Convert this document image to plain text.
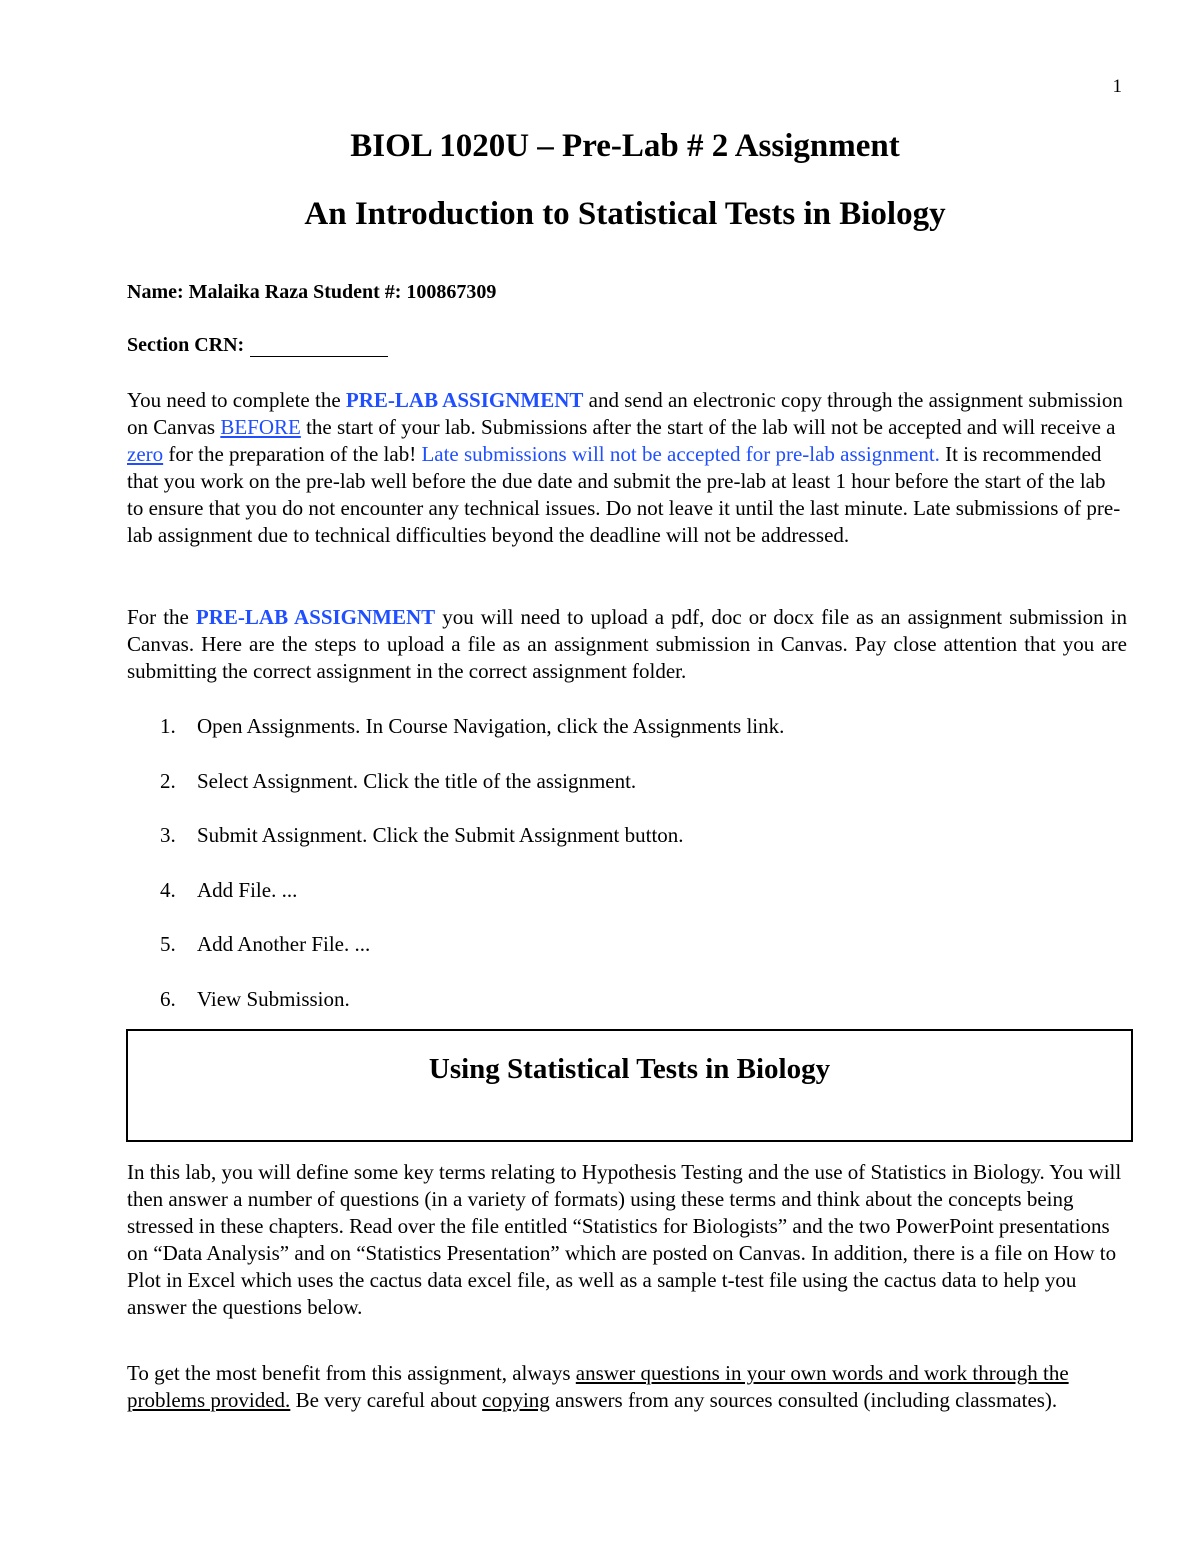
1
BIOL 1020U – Pre-Lab # 2 Assignment
An Introduction to Statistical Tests in Biology
Name: Malaika Raza Student #: 100867309
Section CRN:
You need to complete the PRE-LAB ASSIGNMENT and send an electronic copy through the assignment submission on Canvas BEFORE the start of your lab. Submissions after the start of the lab will not be accepted and will receive a zero for the preparation of the lab! Late submissions will not be accepted for pre-lab assignment. It is recommended that you work on the pre-lab well before the due date and submit the pre-lab at least 1 hour before the start of the lab to ensure that you do not encounter any technical issues. Do not leave it until the last minute. Late submissions of pre-lab assignment due to technical difficulties beyond the deadline will not be addressed.
For the PRE-LAB ASSIGNMENT you will need to upload a pdf, doc or docx file as an assignment submission in Canvas. Here are the steps to upload a file as an assignment submission in Canvas. Pay close attention that you are submitting the correct assignment in the correct assignment folder.
1.	Open Assignments. In Course Navigation, click the Assignments link.
2.	Select Assignment. Click the title of the assignment.
3.	Submit Assignment. Click the Submit Assignment button.
4.	Add File. ...
5.	Add Another File. ...
6.	View Submission.
Using Statistical Tests in Biology
In this lab, you will define some key terms relating to Hypothesis Testing and the use of Statistics in Biology. You will then answer a number of questions (in a variety of formats) using these terms and think about the concepts being stressed in these chapters. Read over the file entitled “Statistics for Biologists” and the two PowerPoint presentations on “Data Analysis” and on “Statistics Presentation” which are posted on Canvas. In addition, there is a file on How to Plot in Excel which uses the cactus data excel file, as well as a sample t-test file using the cactus data to help you answer the questions below.
To get the most benefit from this assignment, always answer questions in your own words and work through the problems provided. Be very careful about copying answers from any sources consulted (including classmates).
